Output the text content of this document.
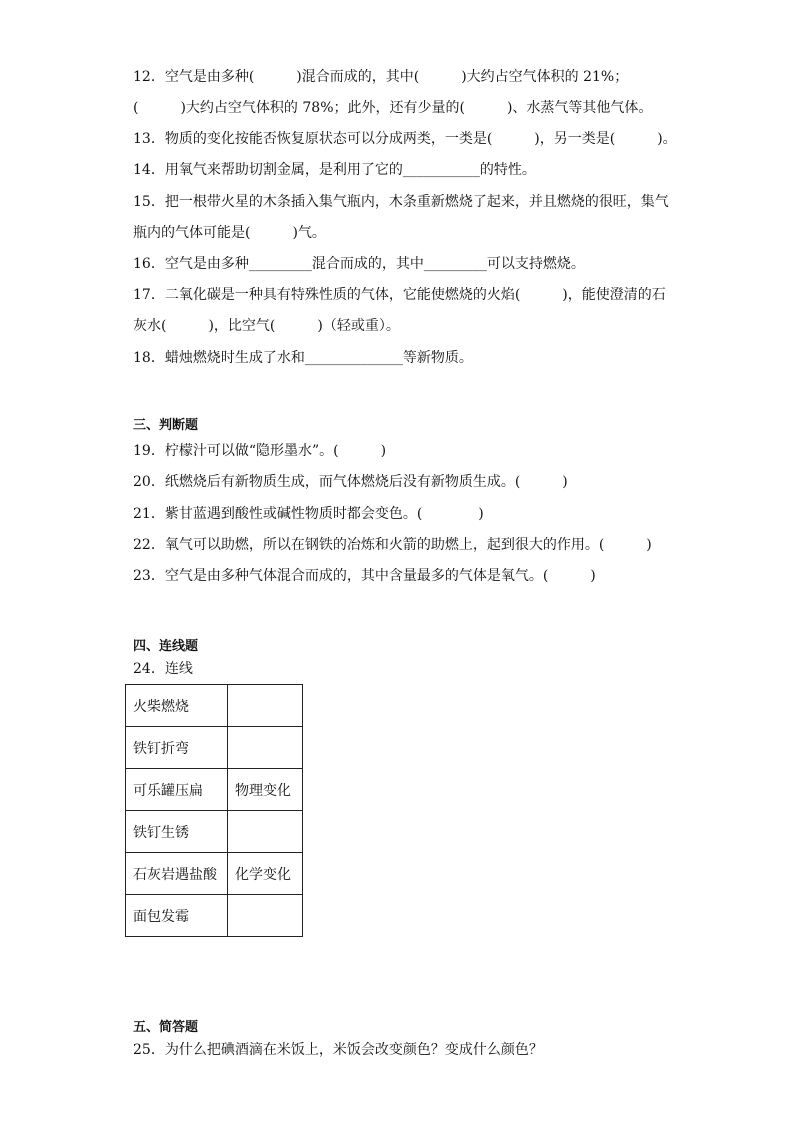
12．空气是由多种(　　　)混合而成的，其中(　　　)大约占空气体积的 21%；
(　　　)大约占空气体积的 78%；此外，还有少量的(　　　)、水蒸气等其他气体。
13．物质的变化按能否恢复原状态可以分成两类，一类是(　　　)，另一类是(　　　)。
14．用氧气来帮助切割金属，是利用了它的___________的特性。
15．把一根带火星的木条插入集气瓶内，木条重新燃烧了起来，并且燃烧的很旺，集气
瓶内的气体可能是(　　　)气。
16．空气是由多种_________混合而成的，其中_________可以支持燃烧。
17．二氧化碳是一种具有特殊性质的气体，它能使燃烧的火焰(　　　)，能使澄清的石
灰水(　　　)，比空气(　　　)（轻或重）。
18．蜡烛燃烧时生成了水和______________等新物质。
三、判断题
19．柠檬汁可以做“隐形墨水”。(　　　)
20．纸燃烧后有新物质生成，而气体燃烧后没有新物质生成。(　　　)
21．紫甘蓝遇到酸性或碱性物质时都会变色。(　　　　)
22．氧气可以助燃，所以在钢铁的冶炼和火箭的助燃上，起到很大的作用。(　　　)
23．空气是由多种气体混合而成的，其中含量最多的气体是氧气。(　　　)
四、连线题
24．连线
火柴燃烧	
铁钉折弯	
可乐罐压扁	物理变化
铁钉生锈	
石灰岩遇盐酸	化学变化
面包发霉	
五、简答题
25．为什么把碘酒滴在米饭上，米饭会改变颜色？变成什么颜色？
